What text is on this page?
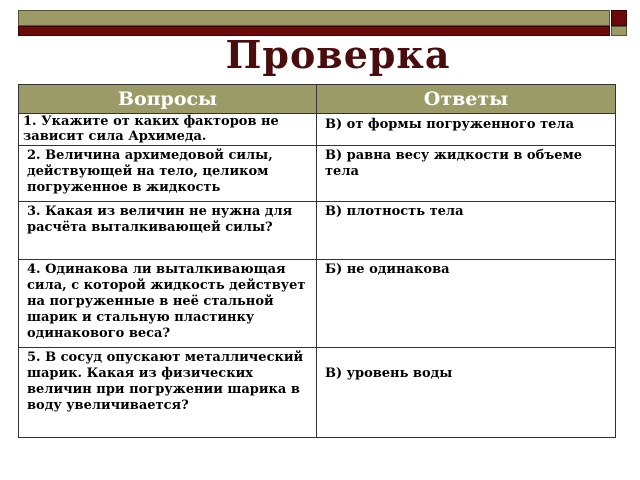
Проверка
Вопросы	Ответы
1. Укажите от каких факторов не зависит сила Архимеда.	В) от формы погруженного тела
2. Величина архимедовой силы, действующей на тело, целиком погруженное в жидкость	В) равна весу жидкости в объеме тела
3. Какая из величин не нужна для расчёта выталкивающей силы?	В) плотность тела
4. Одинакова ли выталкивающая сила, с которой жидкость действует на погруженные в неё стальной шарик и стальную пластинку одинакового веса?	Б) не одинакова
5. В сосуд опускают металлический шарик. Какая из физических величин при погружении шарика в воду увеличивается?	В) уровень воды
